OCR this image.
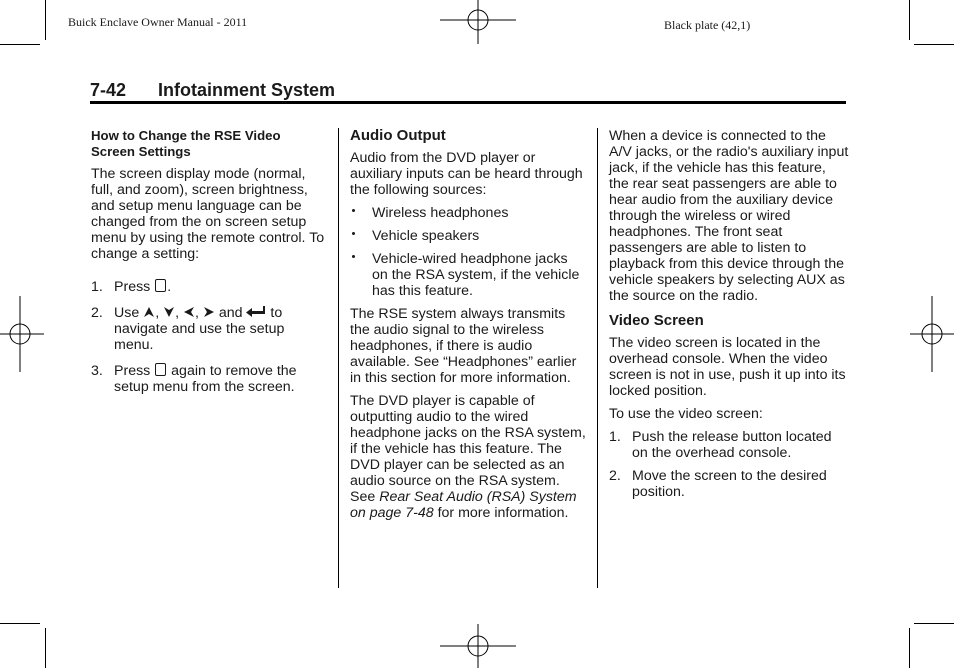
Buick Enclave Owner Manual - 2011	Black plate (42,1)
7-42 Infotainment System
How to Change the RSE Video Screen Settings

The screen display mode (normal, full, and zoom), screen brightness, and setup menu language can be changed from the on screen setup menu by using the remote control. To change a setting:

1. Press .
2. Use ,
,
,
and to navigate and use the setup menu.
3. Press again to remove the setup menu from the screen.
Audio Output

Audio from the DVD player or auxiliary inputs can be heard through the following sources:

Wireless headphones
Vehicle speakers
Vehicle-wired headphone jacks on the RSA system, if the vehicle has this feature.

The RSE system always transmits the audio signal to the wireless headphones, if there is audio available. See “Headphones” earlier in this section for more information.

The DVD player is capable of outputting audio to the wired headphone jacks on the RSA system, if the vehicle has this feature. The DVD player can be selected as an audio source on the RSA system. See Rear Seat Audio (RSA) System on page 7‑48 for more information.

When a device is connected to the A/V jacks, or the radio's auxiliary input jack, if the vehicle has this feature, the rear seat passengers are able to hear audio from the auxiliary device through the wireless or wired headphones. The front seat passengers are able to listen to playback from this device through the vehicle speakers by selecting AUX as the source on the radio.

Video Screen

The video screen is located in the overhead console. When the video screen is not in use, push it up into its locked position.

To use the video screen:

1. Push the release button located on the overhead console.
2. Move the screen to the desired position.
